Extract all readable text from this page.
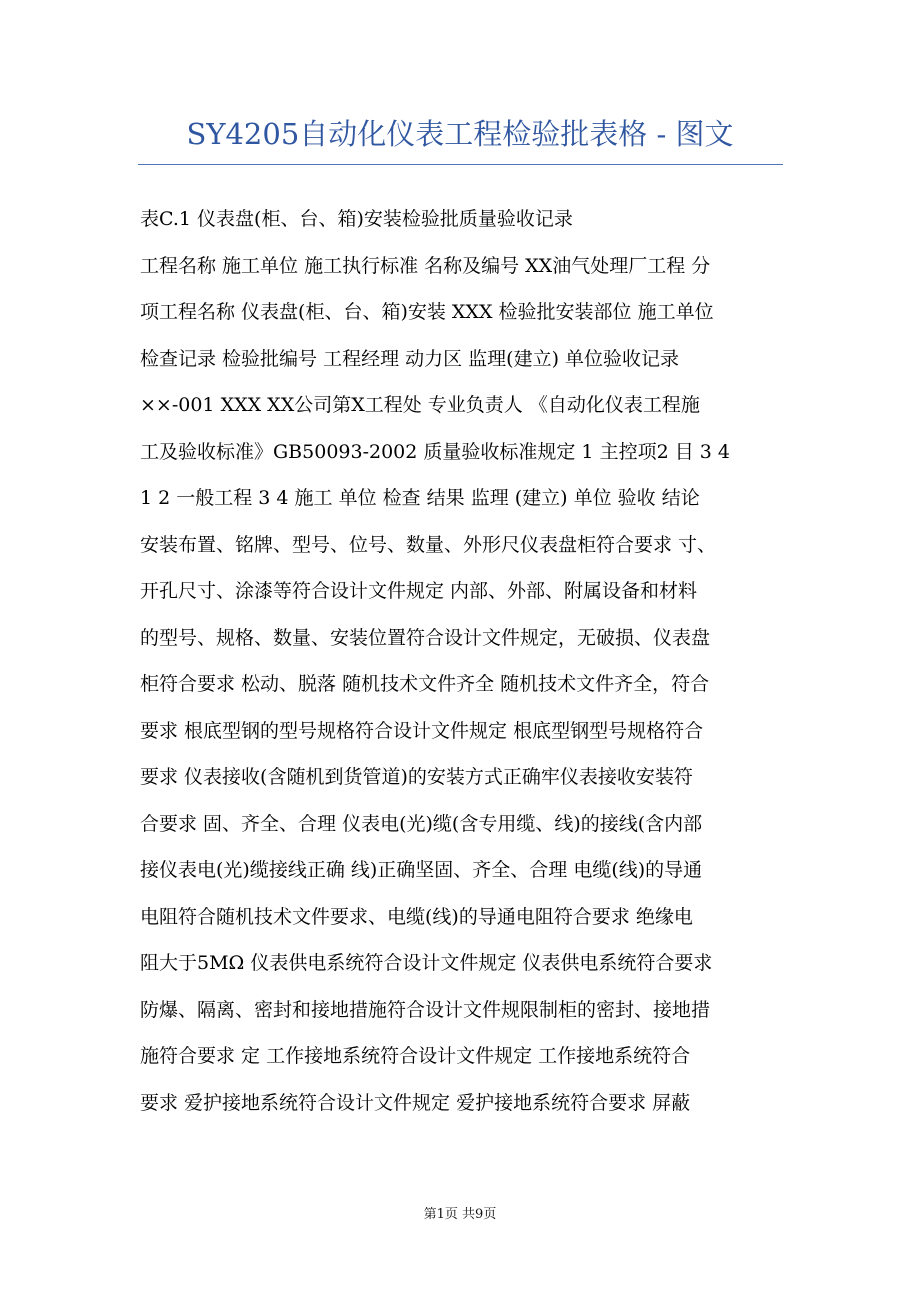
SY4205自动化仪表工程检验批表格 - 图文
表C.1 仪表盘(柜、台、箱)安装检验批质量验收记录
工程名称 施工单位 施工执行标准 名称及编号 XX油气处理厂工程 分
项工程名称 仪表盘(柜、台、箱)安装 XXX 检验批安装部位 施工单位
检查记录 检验批编号 工程经理 动力区 监理(建立) 单位验收记录
××-001 XXX XX公司第X工程处 专业负责人 《自动化仪表工程施
工及验收标准》GB50093-2002 质量验收标准规定 1 主控项2 目 3 4
1 2 一般工程 3 4 施工 单位 检查 结果 监理 (建立) 单位 验收 结论
安装布置、铭牌、型号、位号、数量、外形尺仪表盘柜符合要求 寸、
开孔尺寸、涂漆等符合设计文件规定 内部、外部、附属设备和材料
的型号、规格、数量、安装位置符合设计文件规定，无破损、仪表盘
柜符合要求 松动、脱落 随机技术文件齐全 随机技术文件齐全，符合
要求 根底型钢的型号规格符合设计文件规定 根底型钢型号规格符合
要求 仪表接收(含随机到货管道)的安装方式正确牢仪表接收安装符
合要求 固、齐全、合理 仪表电(光)缆(含专用缆、线)的接线(含内部
接仪表电(光)缆接线正确 线)正确坚固、齐全、合理 电缆(线)的导通
电阻符合随机技术文件要求、电缆(线)的导通电阻符合要求 绝缘电
阻大于5MΩ 仪表供电系统符合设计文件规定 仪表供电系统符合要求
防爆、隔离、密封和接地措施符合设计文件规限制柜的密封、接地措
施符合要求 定 工作接地系统符合设计文件规定 工作接地系统符合
要求 爱护接地系统符合设计文件规定 爱护接地系统符合要求 屏蔽
第1页 共9页
